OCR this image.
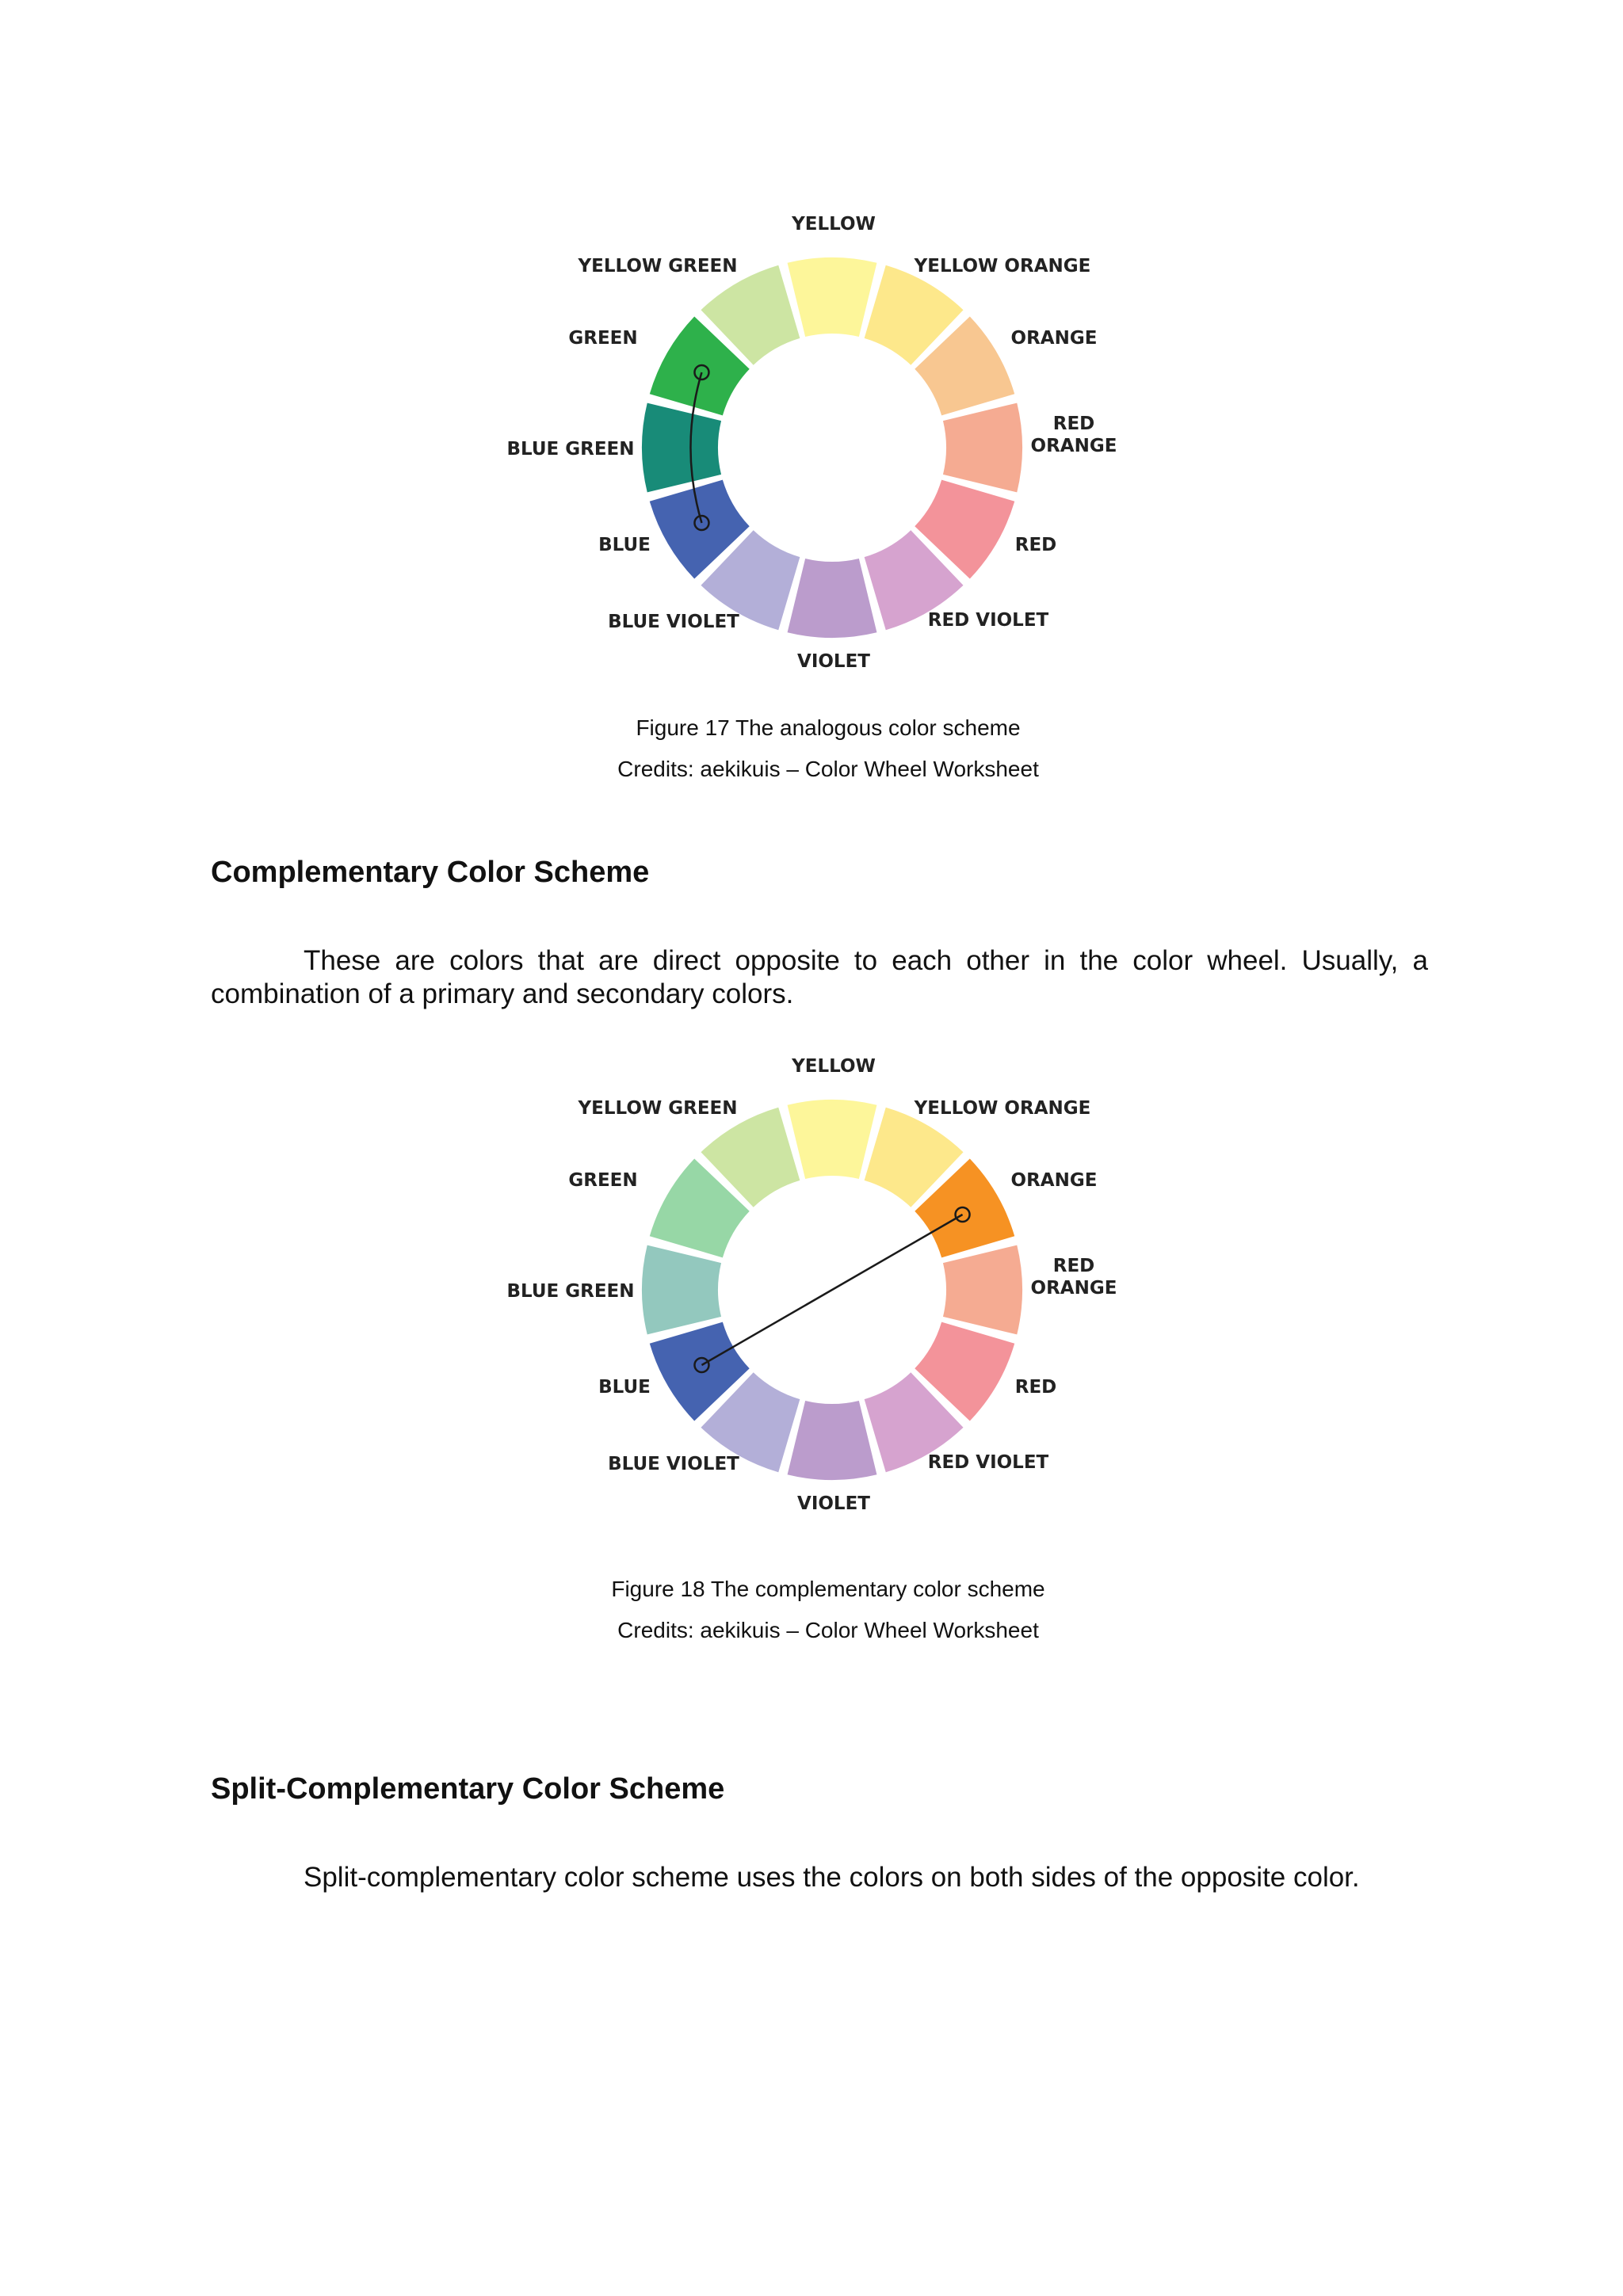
YELLOW
YELLOW ORANGE
ORANGE
RED
ORANGE
RED
RED VIOLET
VIOLET
BLUE VIOLET
BLUE
BLUE GREEN
GREEN
YELLOW GREEN
Figure 17 The analogous color scheme
Credits: aekikuis – Color Wheel Worksheet
Complementary Color Scheme

These are colors that are direct opposite to each other in the color wheel. Usually, a combination of a primary and secondary colors.

YELLOW
YELLOW ORANGE
ORANGE
RED
ORANGE
RED
RED VIOLET
VIOLET
BLUE VIOLET
BLUE
BLUE GREEN
GREEN
YELLOW GREEN
Figure 18 The complementary color scheme
Credits: aekikuis – Color Wheel Worksheet
Split-Complementary Color Scheme

Split-complementary color scheme uses the colors on both sides of the opposite color.
